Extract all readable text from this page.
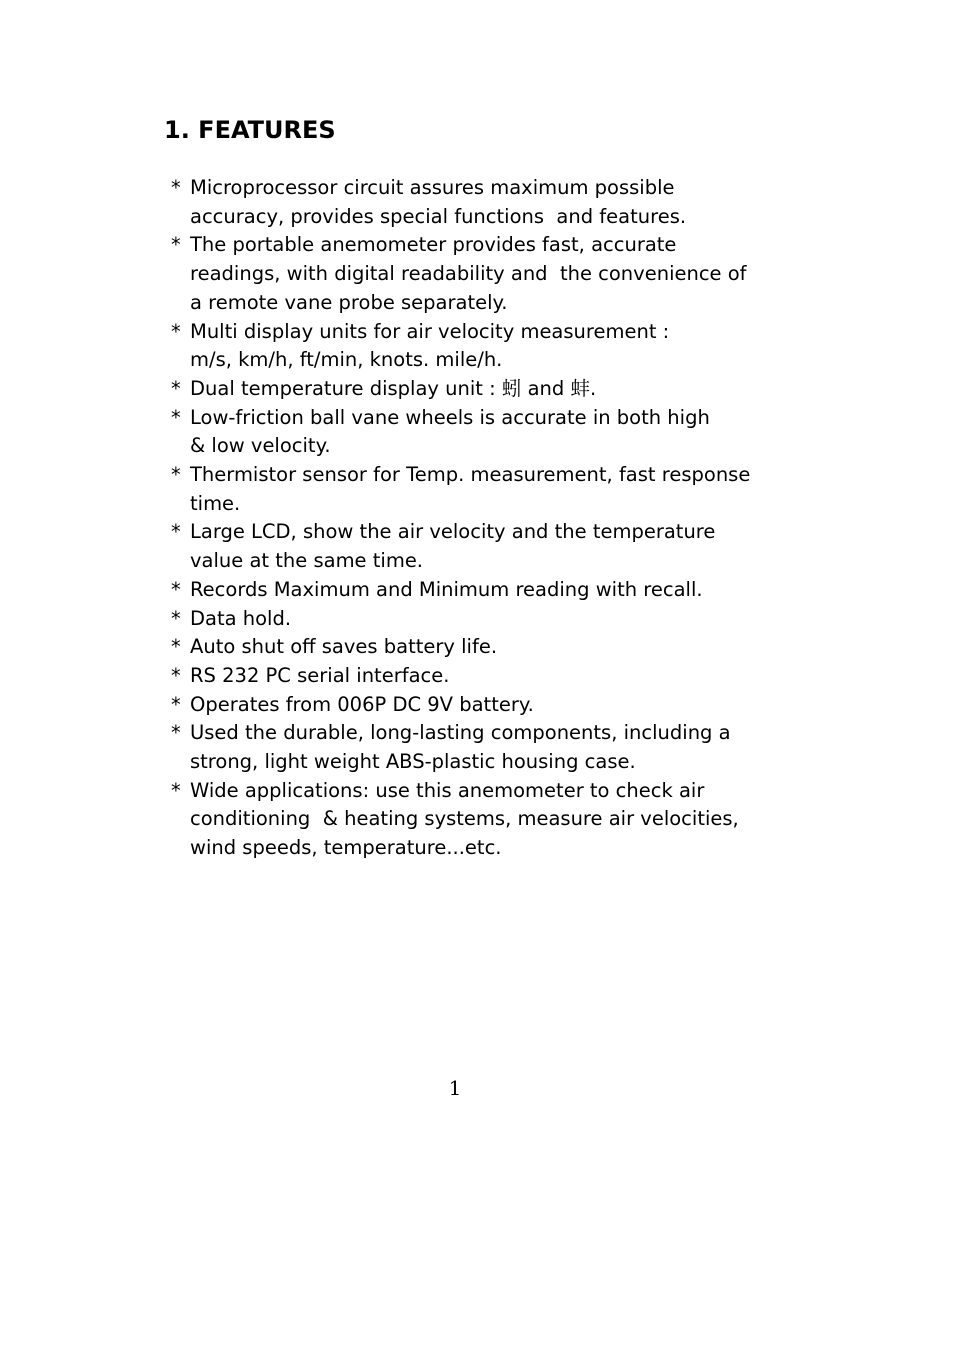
1. FEATURES
* Microprocessor circuit assures maximum possible
accuracy, provides special functions  and features.
* The portable anemometer provides fast, accurate
readings, with digital readability and  the convenience of
a remote vane probe separately.
* Multi display units for air velocity measurement :
m/s, km/h, ft/min, knots. mile/h.
* Dual temperature display unit : 蚓 and 蚌.
* Low-friction ball vane wheels is accurate in both high
& low velocity.
* Thermistor sensor for Temp. measurement, fast response
time.
* Large LCD, show the air velocity and the temperature
value at the same time.
* Records Maximum and Minimum reading with recall.
* Data hold.
* Auto shut off saves battery life.
* RS 232 PC serial interface.
* Operates from 006P DC 9V battery.
* Used the durable, long-lasting components, including a
strong, light weight ABS-plastic housing case.
* Wide applications: use this anemometer to check air
conditioning  & heating systems, measure air velocities,
wind speeds, temperature...etc.
1
